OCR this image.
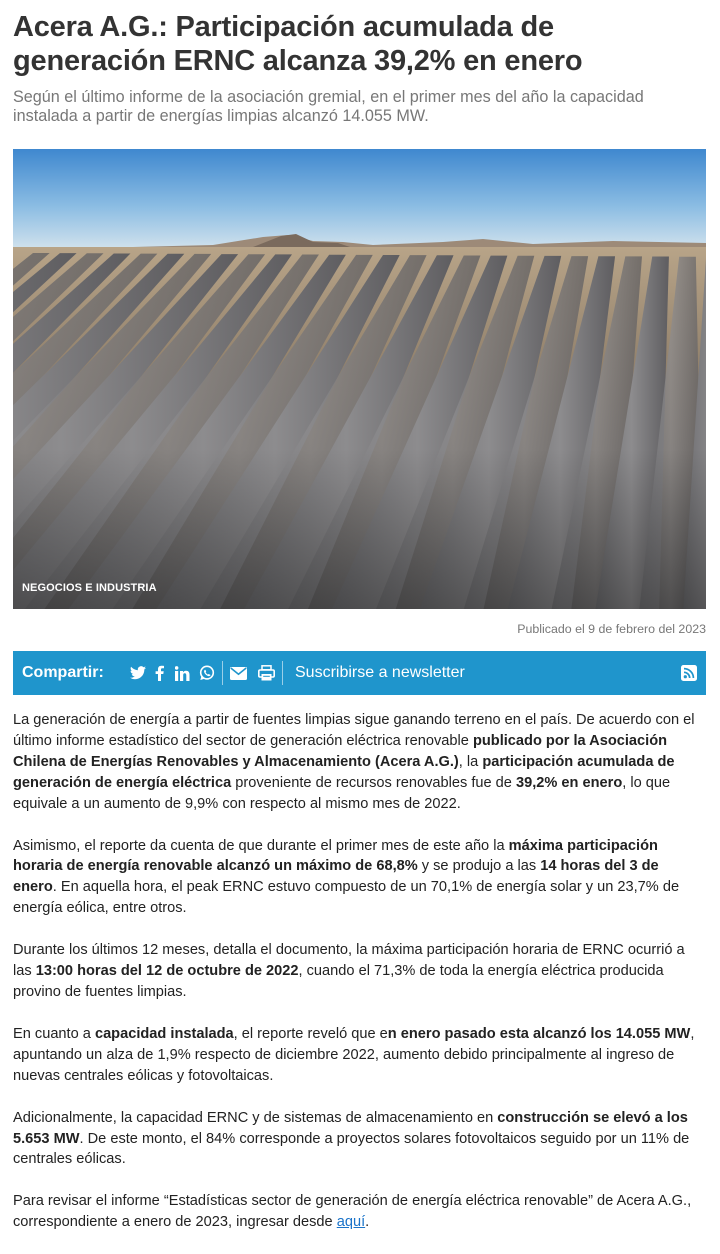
Acera A.G.: Participación acumulada de generación ERNC alcanza 39,2% en enero

Según el último informe de la asociación gremial, en el primer mes del año la capacidad instalada a partir de energías limpias alcanzó 14.055 MW.

NEGOCIOS E INDUSTRIA
Publicado el 9 de febrero del 2023
Compartir:	Suscribirse a newsletter

La generación de energía a partir de fuentes limpias sigue ganando terreno en el país. De acuerdo con el último informe estadístico del sector de generación eléctrica renovable publicado por la Asociación Chilena de Energías Renovables y Almacenamiento (Acera A.G.), la participación acumulada de generación de energía eléctrica proveniente de recursos renovables fue de 39,2% en enero, lo que equivale a un aumento de 9,9% con respecto al mismo mes de 2022.

Asimismo, el reporte da cuenta de que durante el primer mes de este año la máxima participación horaria de energía renovable alcanzó un máximo de 68,8% y se produjo a las 14 horas del 3 de enero. En aquella hora, el peak ERNC estuvo compuesto de un 70,1% de energía solar y un 23,7% de energía eólica, entre otros.

Durante los últimos 12 meses, detalla el documento, la máxima participación horaria de ERNC ocurrió a las 13:00 horas del 12 de octubre de 2022, cuando el 71,3% de toda la energía eléctrica producida provino de fuentes limpias.

En cuanto a capacidad instalada, el reporte reveló que en enero pasado esta alcanzó los 14.055 MW, apuntando un alza de 1,9% respecto de diciembre 2022, aumento debido principalmente al ingreso de nuevas centrales eólicas y fotovoltaicas.

Adicionalmente, la capacidad ERNC y de sistemas de almacenamiento en construcción se elevó a los 5.653 MW. De este monto, el 84% corresponde a proyectos solares fotovoltaicos seguido por un 11% de centrales eólicas.

Para revisar el informe “Estadísticas sector de generación de energía eléctrica renovable” de Acera A.G., correspondiente a enero de 2023, ingresar desde aquí.
